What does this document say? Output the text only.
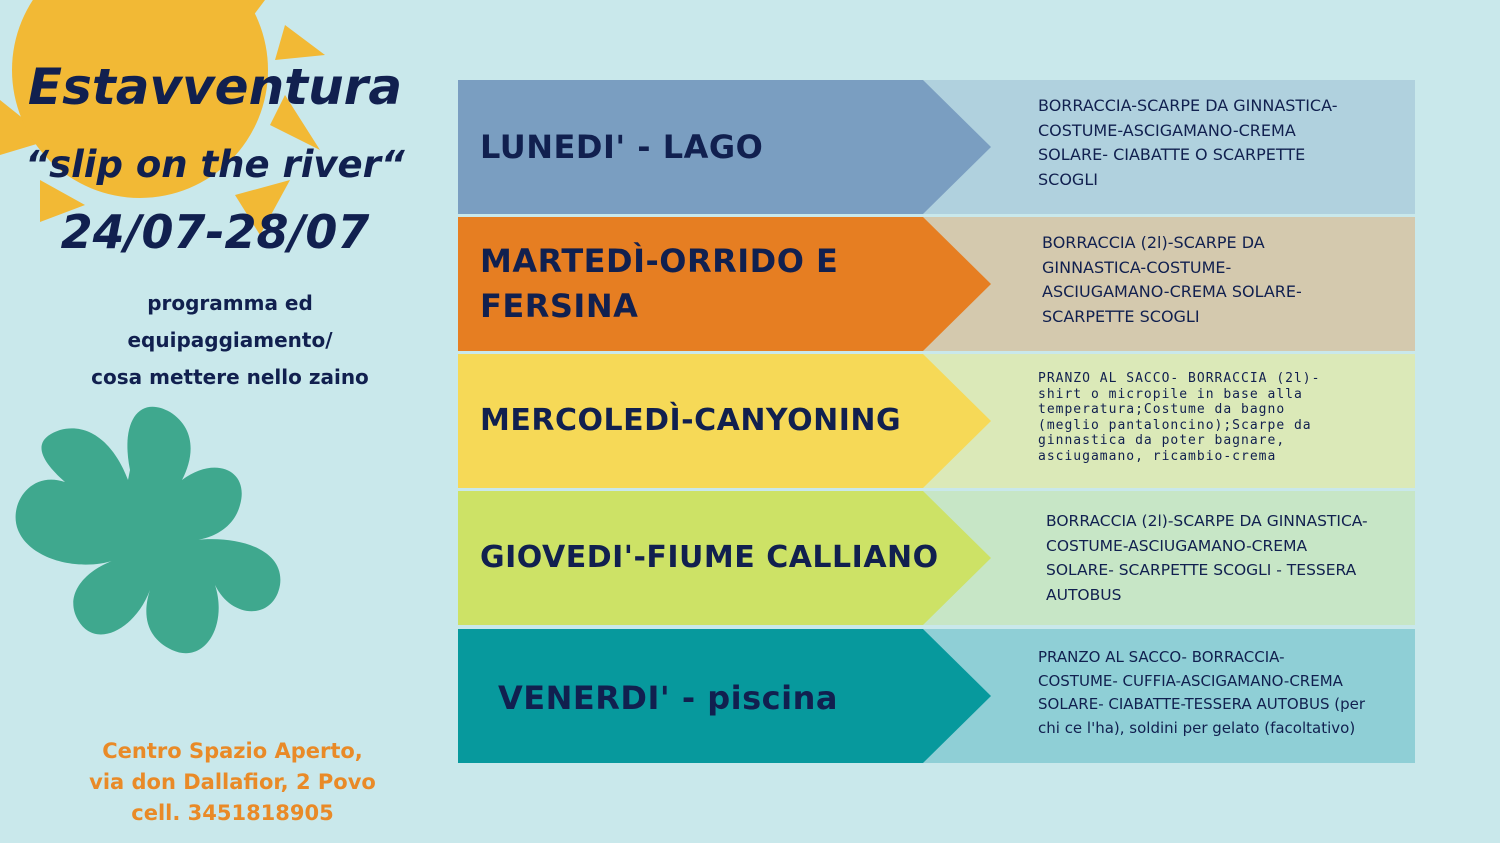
Estavventura
“slip on the river“
24/07-28/07
programma ed
equipaggiamento/
cosa mettere nello zaino
Centro Spazio Aperto,
via don Dallafior, 2 Povo
cell. 3451818905
LUNEDI' - LAGO
BORRACCIA-SCARPE DA GINNASTICA-
COSTUME-ASCIGAMANO-CREMA
SOLARE- CIABATTE O SCARPETTE
SCOGLI
MARTEDÌ-ORRIDO E
FERSINA
BORRACCIA (2l)-SCARPE DA
GINNASTICA-COSTUME-
ASCIUGAMANO-CREMA SOLARE-
SCARPETTE SCOGLI
MERCOLEDÌ-CANYONING
PRANZO AL SACCO- BORRACCIA (2l)-
shirt o micropile in base alla
temperatura;Costume da bagno
(meglio pantaloncino);Scarpe da
ginnastica da poter bagnare,
asciugamano, ricambio-crema
GIOVEDI'-FIUME CALLIANO
BORRACCIA (2l)-SCARPE DA GINNASTICA-
COSTUME-ASCIUGAMANO-CREMA
SOLARE- SCARPETTE SCOGLI - TESSERA
AUTOBUS
VENERDI' - piscina
PRANZO AL SACCO- BORRACCIA-
COSTUME- CUFFIA-ASCIGAMANO-CREMA
SOLARE- CIABATTE-TESSERA AUTOBUS (per
chi ce l'ha), soldini per gelato (facoltativo)
